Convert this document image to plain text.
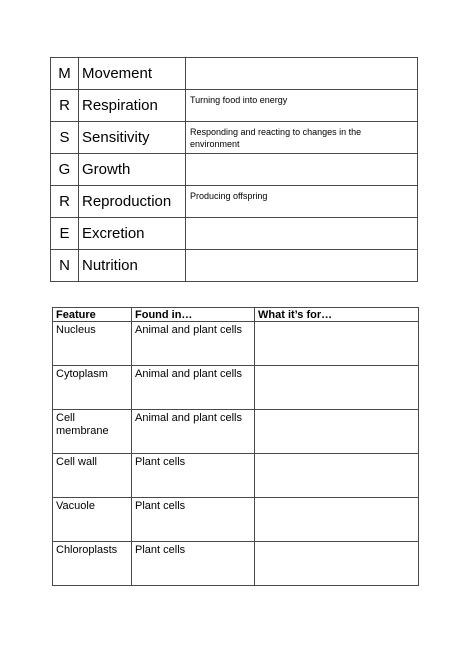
M	Movement	
R	Respiration	Turning food into energy
S	Sensitivity	Responding and reacting to changes in the environment
G	Growth	
R	Reproduction	Producing offspring
E	Excretion	
N	Nutrition	
Feature	Found in…	What it’s for…
Nucleus	Animal and plant cells	
Cytoplasm	Animal and plant cells	
Cell membrane	Animal and plant cells	
Cell wall	Plant cells	
Vacuole	Plant cells	
Chloroplasts	Plant cells	
